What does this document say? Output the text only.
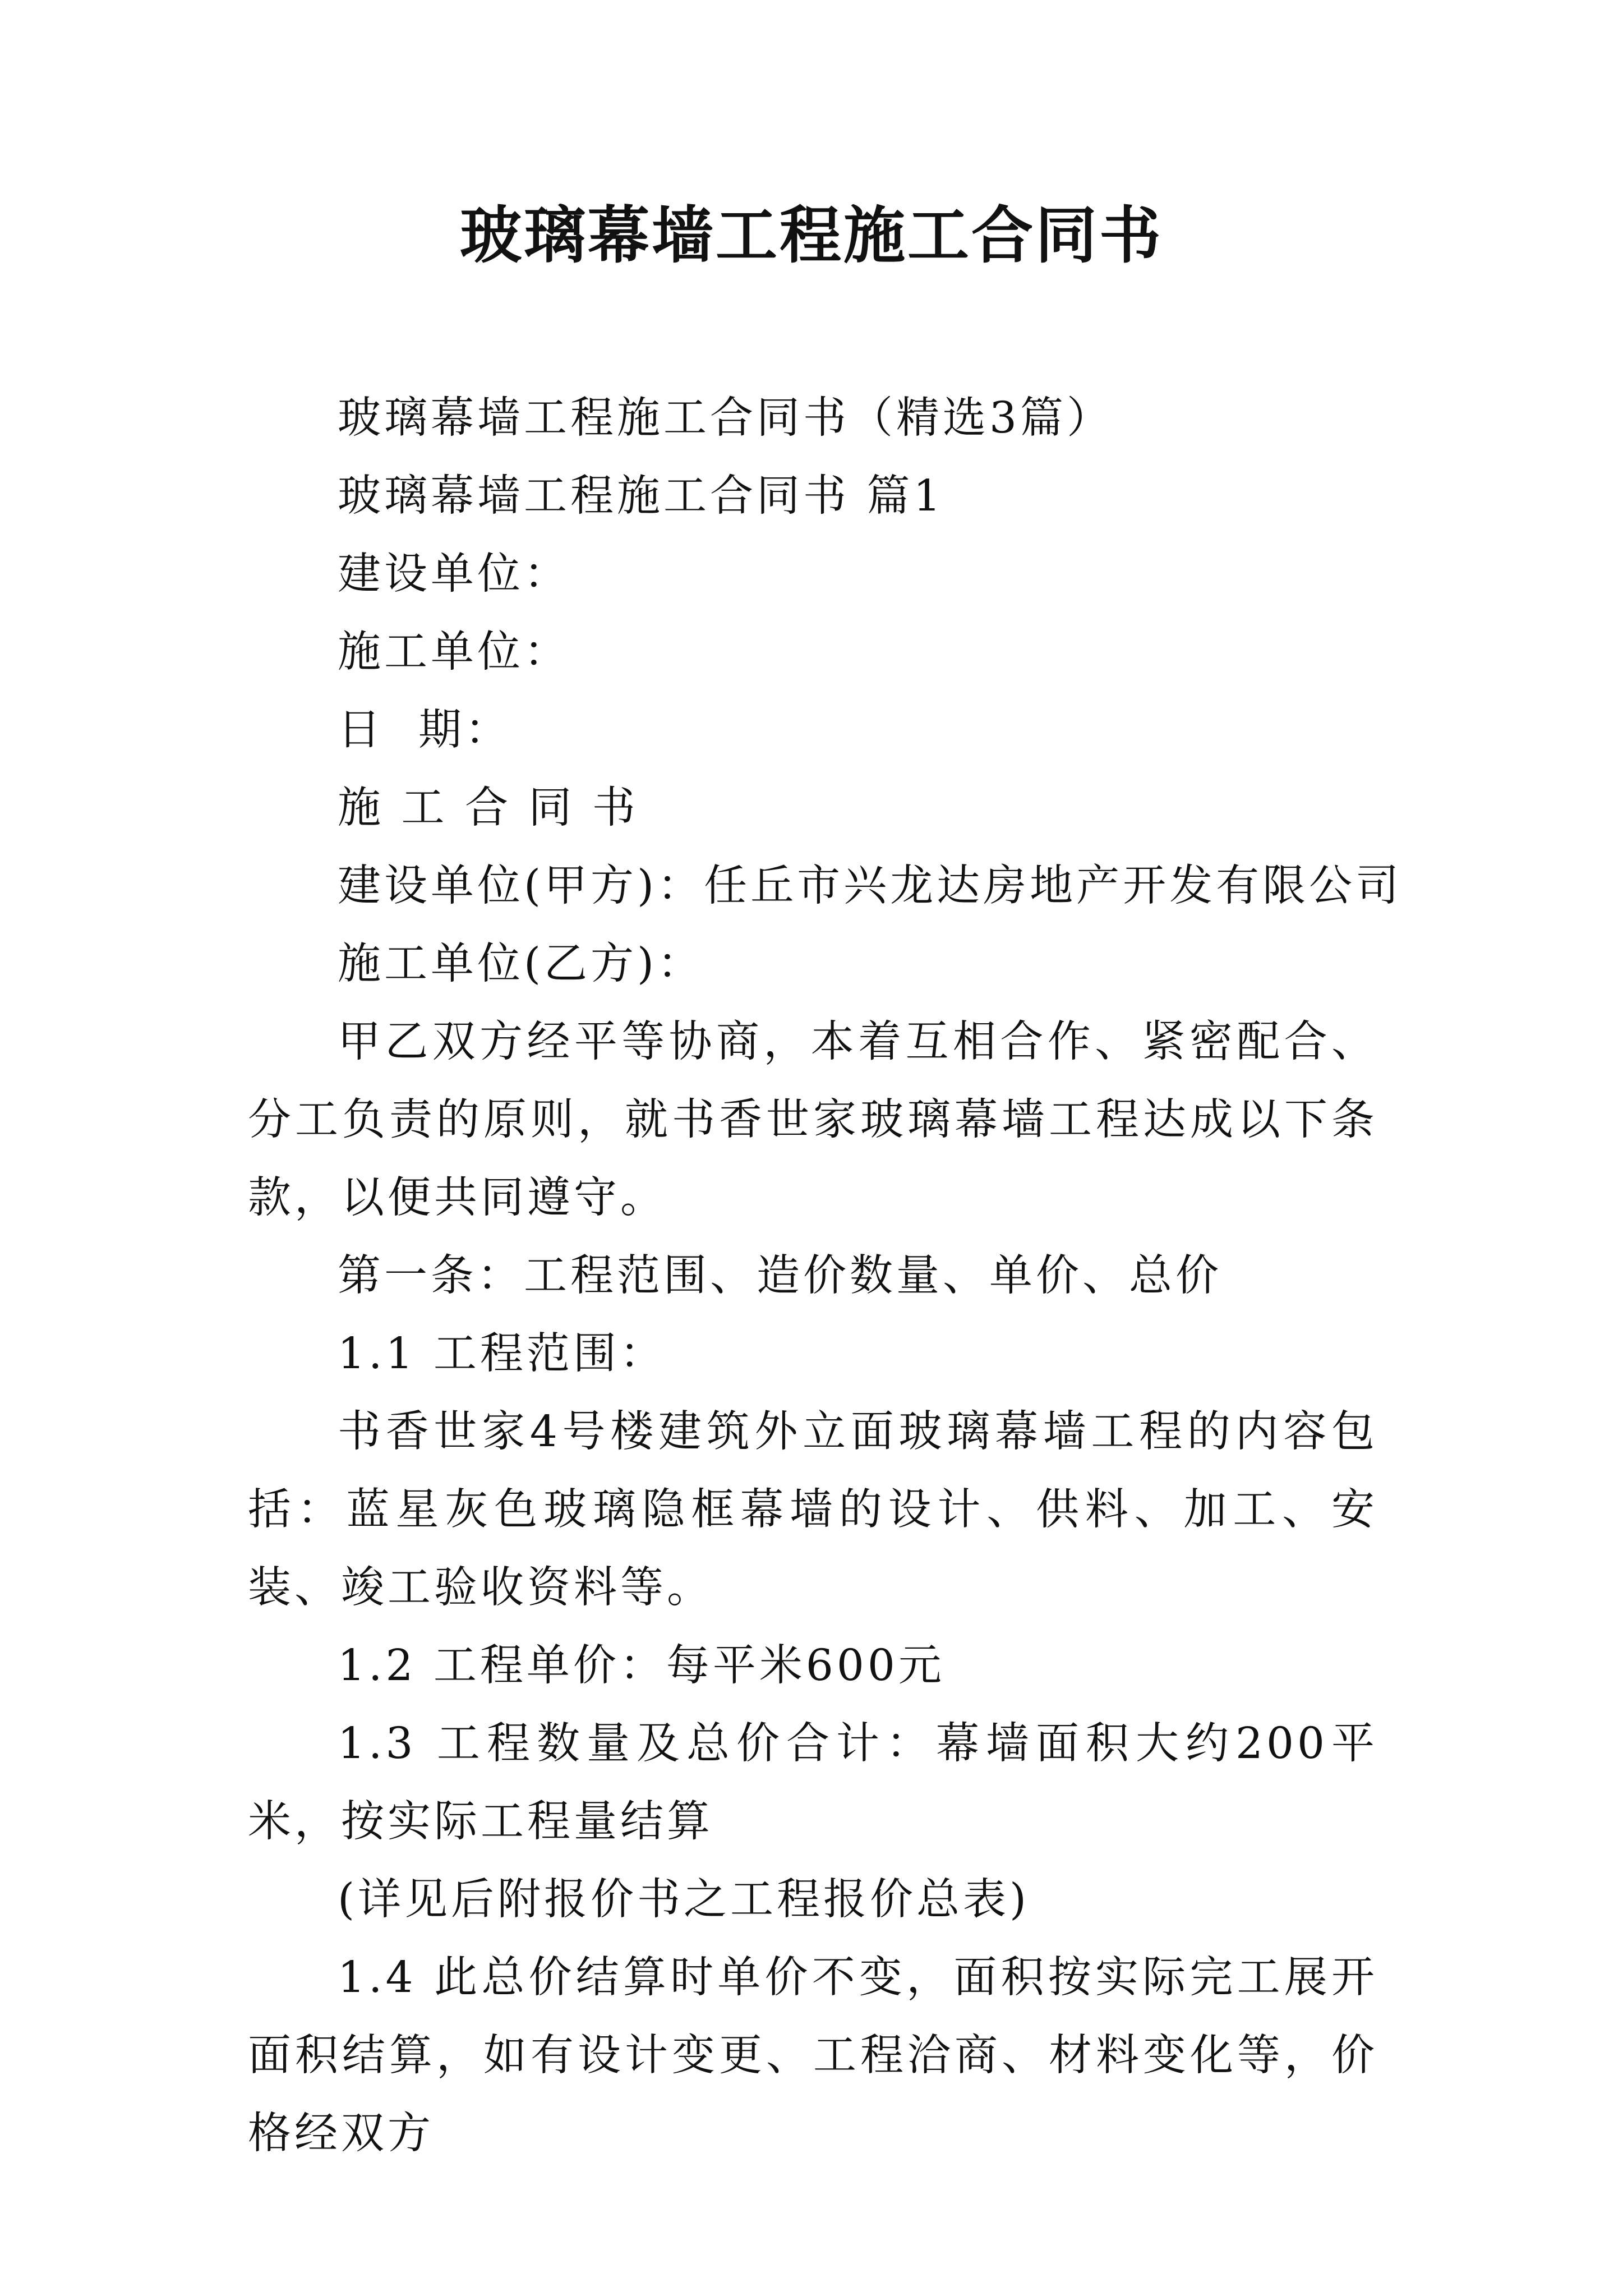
玻璃幕墙工程施工合同书

玻璃幕墙工程施工合同书（精选3篇）

玻璃幕墙工程施工合同书 篇1

建设单位：

施工单位：

日  期：

施 工 合 同 书

建设单位(甲方)：任丘市兴龙达房地产开发有限公司

施工单位(乙方)：

甲乙双方经平等协商，本着互相合作、紧密配合、分工负责的原则，就书香世家玻璃幕墙工程达成以下条款，以便共同遵守。

第一条：工程范围、造价数量、单价、总价

1.1 工程范围：

书香世家4号楼建筑外立面玻璃幕墙工程的内容包括：蓝星灰色玻璃隐框幕墙的设计、供料、加工、安装、竣工验收资料等。

1.2 工程单价：每平米600元

1.3 工程数量及总价合计：幕墙面积大约200平米，按实际工程量结算

(详见后附报价书之工程报价总表)

1.4 此总价结算时单价不变，面积按实际完工展开面积结算，如有设计变更、工程洽商、材料变化等，价格经双方
